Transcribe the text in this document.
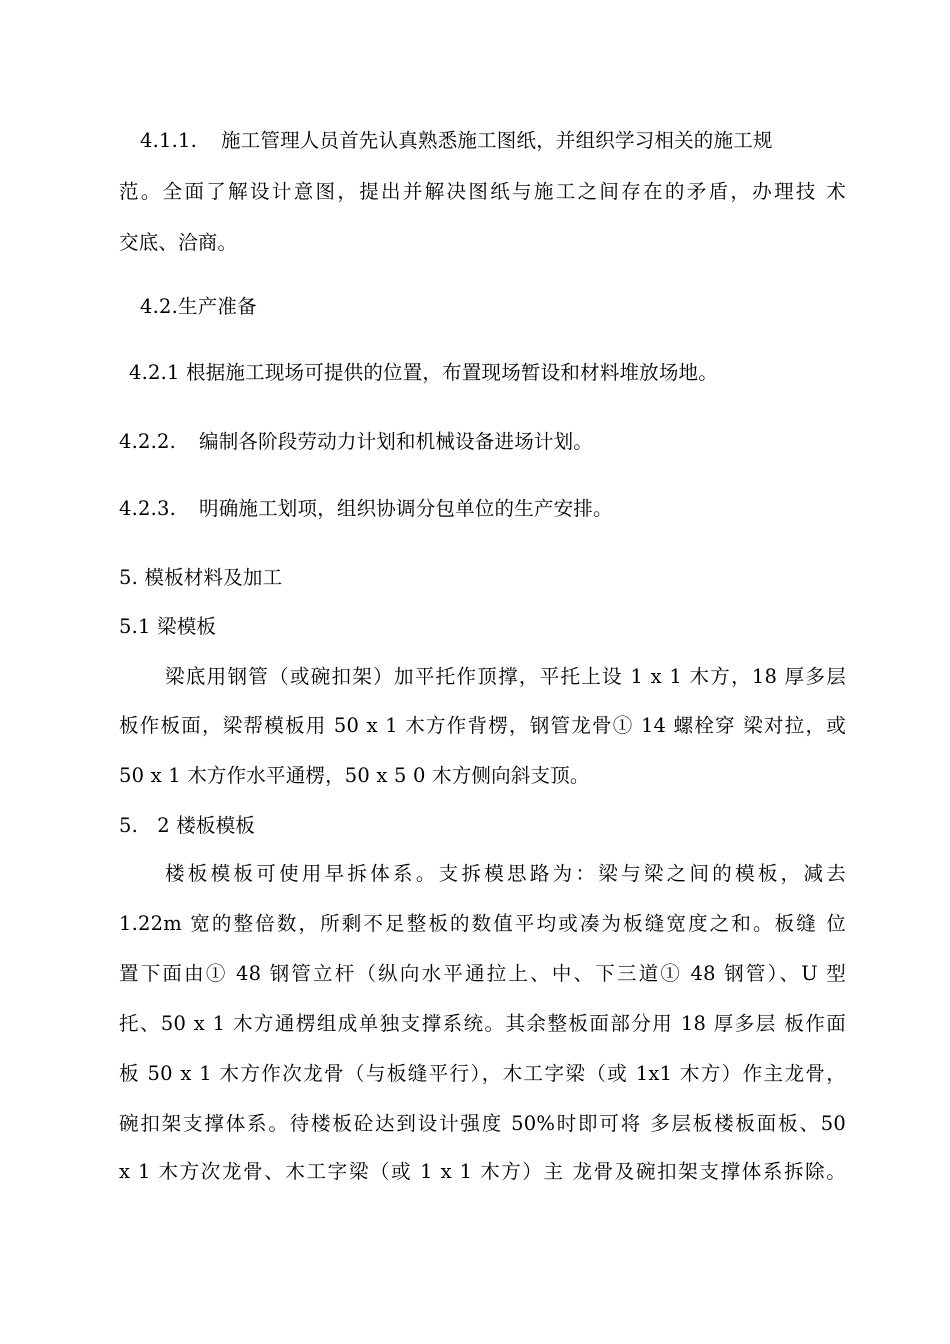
4.1.1. 施工管理人员首先认真熟悉施工图纸，并组织学习相关的施工规
范。全面了解设计意图，提出并解决图纸与施工之间存在的矛盾，办理技 术
交底、洽商。
4.2.生产准备
4.2.1 根据施工现场可提供的位置，布置现场暂设和材料堆放场地。
4.2.2. 编制各阶段劳动力计划和机械设备进场计划。
4.2.3. 明确施工划项，组织协调分包单位的生产安排。
5. 模板材料及加工
5.1 梁模板
梁底用钢管（或碗扣架）加平托作顶撑，平托上设 1 x 1 木方，18 厚多层
板作板面，梁帮模板用 50 x 1 木方作背楞，钢管龙骨① 14 螺栓穿 梁对拉，或
50 x 1 木方作水平通楞，50 x 5 0 木方侧向斜支顶。
5.   2 楼板模板
楼板模板可使用早拆体系。支拆模思路为：梁与梁之间的模板，减去
1.22m 宽的整倍数，所剩不足整板的数值平均或凑为板缝宽度之和。板缝 位
置下面由① 48 钢管立杆（纵向水平通拉上、中、下三道① 48 钢管）、U 型
托、50 x 1 木方通楞组成单独支撑系统。其余整板面部分用 18 厚多层 板作面
板 50 x 1 木方作次龙骨（与板缝平行），木工字梁（或 1x1 木方）作主龙骨，
碗扣架支撑体系。待楼板砼达到设计强度 50%时即可将 多层板楼板面板、50
x 1 木方次龙骨、木工字梁（或 1 x 1 木方）主 龙骨及碗扣架支撑体系拆除。
